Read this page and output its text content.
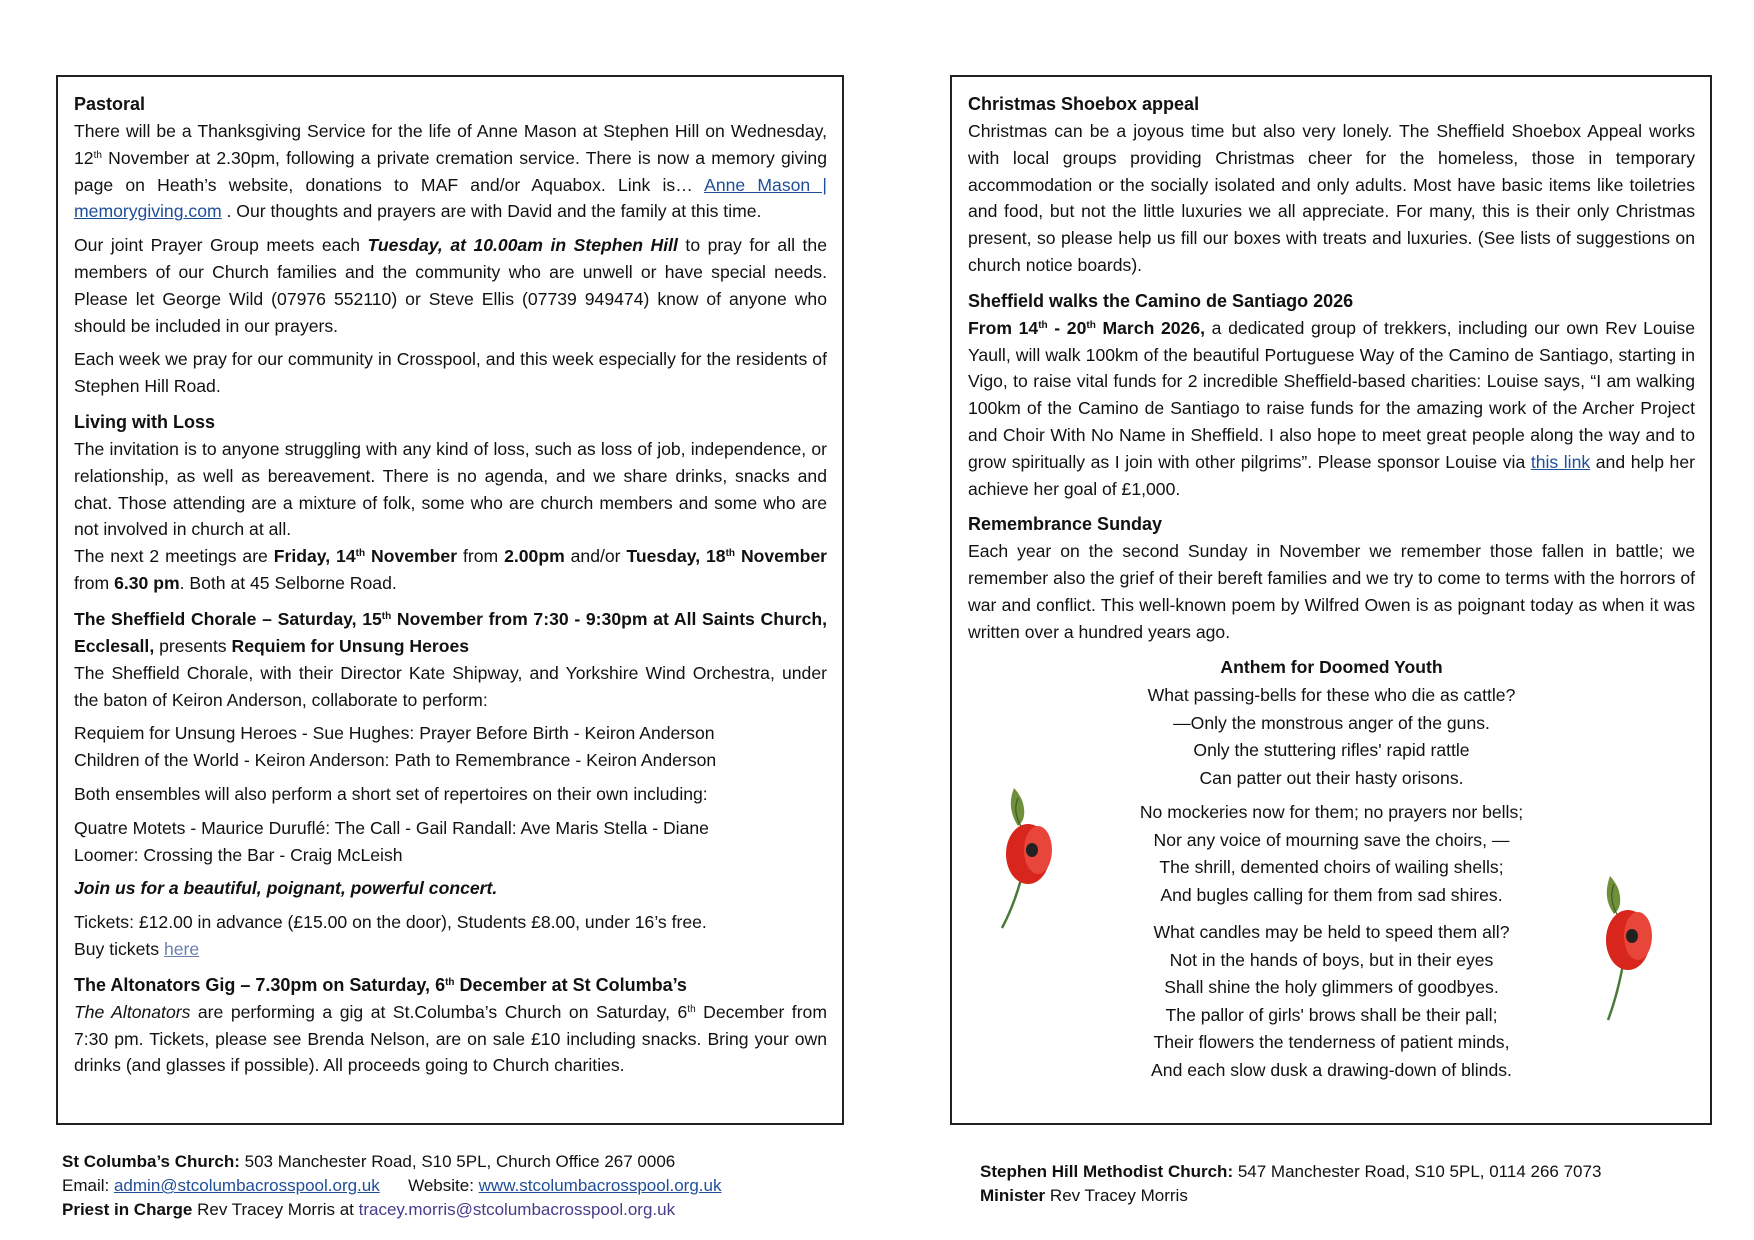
Pastoral

There will be a Thanksgiving Service for the life of Anne Mason at Stephen Hill on Wednesday, 12th November at 2.30pm, following a private cremation service. There is now a memory giving page on Heath’s website, donations to MAF and/or Aquabox. Link is… Anne Mason | memorygiving.com . Our thoughts and prayers are with David and the family at this time.

Our joint Prayer Group meets each Tuesday, at 10.00am in Stephen Hill to pray for all the members of our Church families and the community who are unwell or have special needs. Please let George Wild (07976 552110) or Steve Ellis (07739 949474) know of anyone who should be included in our prayers.

Each week we pray for our community in Crosspool, and this week especially for the residents of Stephen Hill Road.

Living with Loss

The invitation is to anyone struggling with any kind of loss, such as loss of job, independence, or relationship, as well as bereavement. There is no agenda, and we share drinks, snacks and chat. Those attending are a mixture of folk, some who are church members and some who are not involved in church at all.

The next 2 meetings are Friday, 14th November from 2.00pm and/or Tuesday, 18th November from 6.30 pm. Both at 45 Selborne Road.

The Sheffield Chorale – Saturday, 15th November from 7:30 - 9:30pm at All Saints Church, Ecclesall, presents Requiem for Unsung Heroes

The Sheffield Chorale, with their Director Kate Shipway, and Yorkshire Wind Orchestra, under the baton of Keiron Anderson, collaborate to perform:

Requiem for Unsung Heroes - Sue Hughes: Prayer Before Birth - Keiron Anderson
Children of the World - Keiron Anderson: Path to Remembrance - Keiron Anderson
Both ensembles will also perform a short set of repertoires on their own including:
Quatre Motets - Maurice Duruflé: The Call - Gail Randall: Ave Maris Stella - Diane
Loomer: Crossing the Bar - Craig McLeish
Join us for a beautiful, poignant, powerful concert.
Tickets: £12.00 in advance (£15.00 on the door), Students £8.00, under 16’s free.
Buy tickets here
The Altonators Gig – 7.30pm on Saturday, 6th December at St Columba’s

The Altonators are performing a gig at St.Columba’s Church on Saturday, 6th December from 7:30 pm. Tickets, please see Brenda Nelson, are on sale £10 including snacks. Bring your own drinks (and glasses if possible). All proceeds going to Church charities.

Christmas Shoebox appeal

Christmas can be a joyous time but also very lonely. The Sheffield Shoebox Appeal works with local groups providing Christmas cheer for the homeless, those in temporary accommodation or the socially isolated and only adults. Most have basic items like toiletries and food, but not the little luxuries we all appreciate. For many, this is their only Christmas present, so please help us fill our boxes with treats and luxuries. (See lists of suggestions on church notice boards).

Sheffield walks the Camino de Santiago 2026

From 14th - 20th March 2026, a dedicated group of trekkers, including our own Rev Louise Yaull, will walk 100km of the beautiful Portuguese Way of the Camino de Santiago, starting in Vigo, to raise vital funds for 2 incredible Sheffield-based charities: Louise says, “I am walking 100km of the Camino de Santiago to raise funds for the amazing work of the Archer Project and Choir With No Name in Sheffield. I also hope to meet great people along the way and to grow spiritually as I join with other pilgrims”. Please sponsor Louise via this link and help her achieve her goal of £1,000.

Remembrance Sunday

Each year on the second Sunday in November we remember those fallen in battle; we remember also the grief of their bereft families and we try to come to terms with the horrors of war and conflict. This well-known poem by Wilfred Owen is as poignant today as when it was written over a hundred years ago.

Anthem for Doomed Youth
What passing-bells for these who die as cattle?
—Only the monstrous anger of the guns.
Only the stuttering rifles' rapid rattle
Can patter out their hasty orisons.
No mockeries now for them; no prayers nor bells;
Nor any voice of mourning save the choirs, —
The shrill, demented choirs of wailing shells;
And bugles calling for them from sad shires.
What candles may be held to speed them all?
Not in the hands of boys, but in their eyes
Shall shine the holy glimmers of goodbyes.
The pallor of girls' brows shall be their pall;
Their flowers the tenderness of patient minds,
And each slow dusk a drawing-down of blinds.
St Columba’s Church: 503 Manchester Road, S10 5PL, Church Office 267 0006
Email: admin@stcolumbacrosspool.org.uk      Website: www.stcolumbacrosspool.org.uk
Priest in Charge Rev Tracey Morris at tracey.morris@stcolumbacrosspool.org.uk
Stephen Hill Methodist Church: 547 Manchester Road, S10 5PL, 0114 266 7073
Minister Rev Tracey Morris
